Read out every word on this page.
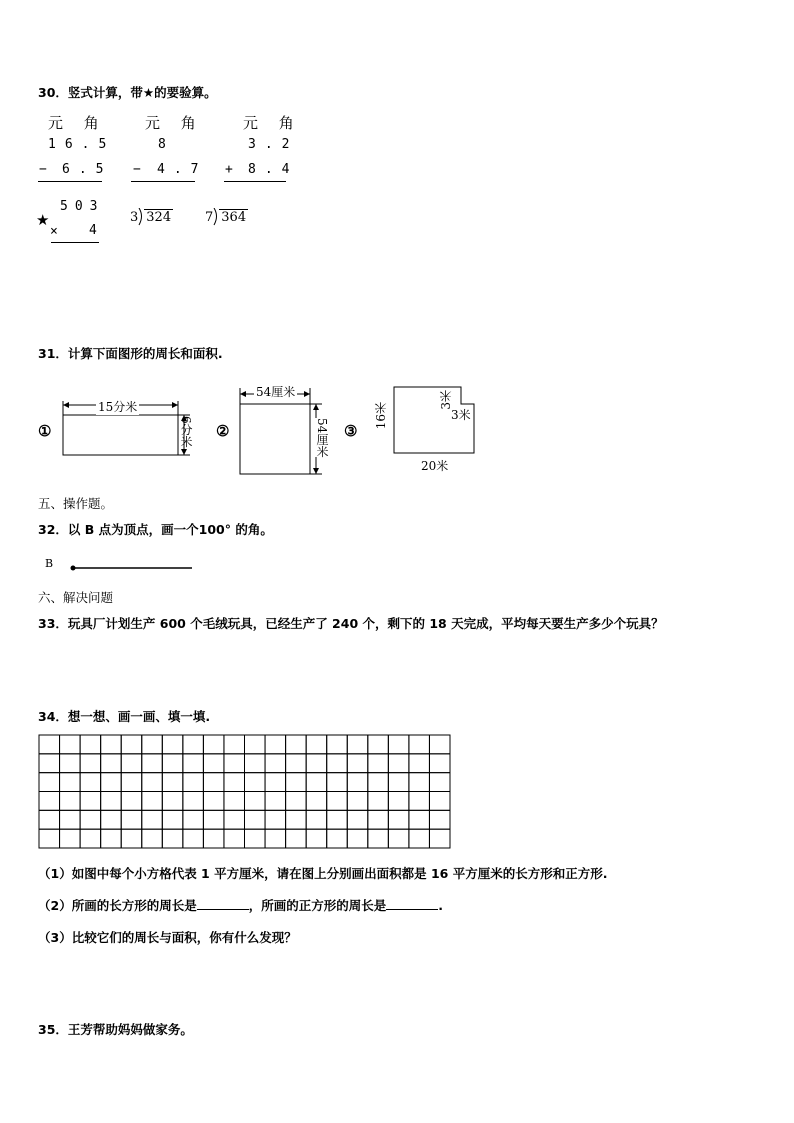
30．竖式计算，带★的要验算。
元 角	元 角	元 角
16.5	8	3.2
− 6.5 − 4.7 + 8.4
★
503
× 4
3 324	7 364
31．计算下面图形的周长和面积.
①
15分米
6分米 ②
54厘米
54厘米 ③
16米
3米
3米
20米
五、操作题。
32．以 B 点为顶点，画一个100° 的角。
B
六、解决问题
33．玩具厂计划生产 600 个毛绒玩具，已经生产了 240 个，剩下的 18 天完成，平均每天要生产多少个玩具？
34．想一想、画一画、填一填.
（1）如图中每个小方格代表 1 平方厘米，请在图上分别画出面积都是 16 平方厘米的长方形和正方形.
（2）所画的长方形的周长是	，所画的正方形的周长是	.
（3）比较它们的周长与面积，你有什么发现？
35．王芳帮助妈妈做家务。
